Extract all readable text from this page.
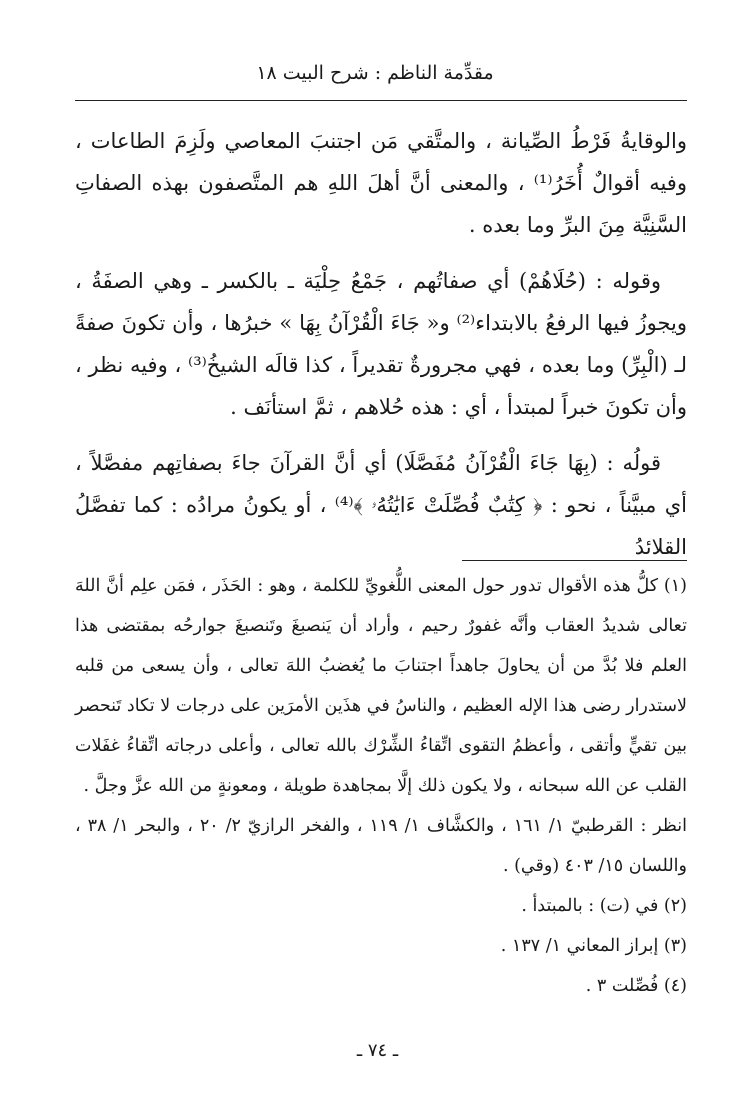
مقدِّمة الناظم : شرح البيت ١٨

والوقايةُ فَرْطُ الصِّيانة ، والمتَّقي مَن اجتنبَ المعاصي ولَزِمَ الطاعات ، وفيه أقوالٌ أُخَرُ⁽¹⁾ ، والمعنى أنَّ أهلَ اللهِ هم المتَّصفون بهذه الصفاتِ السَّنِيَّة مِنَ البرِّ وما بعده .

وقوله : (حُلَاهُمْ) أي صفاتُهم ، جَمْعُ حِلْيَة ـ بالكسر ـ وهي الصفَةُ ، ويجوزُ فيها الرفعُ بالابتداء⁽²⁾ و« جَاءَ الْقُرْآنُ بِهَا » خبرُها ، وأن تكونَ صفةً لـ (الْبِرِّ) وما بعده ، فهي مجرورةٌ تقديراً ، كذا قالَه الشيخُ⁽³⁾ ، وفيه نظر ، وأن تكونَ خبراً لمبتدأ ، أي : هذه حُلاهم ، ثمَّ استأنَف .

قولُه : (بِهَا جَاءَ الْقُرْآنُ مُفَصَّلَا) أي أنَّ القرآنَ جاءَ بصفاتِهم مفصَّلاً ، أي مبيَّناً ، نحو : ﴿ كِتَٰبٌ فُصِّلَتْ ءَايَٰتُهُۥ ﴾⁽⁴⁾ ، أو يكونُ مرادُه : كما تفصَّلُ القلائدُ

(١) كلُّ هذه الأقوال تدور حول المعنى اللُّغويِّ للكلمة ، وهو : الحَذَر ، فمَن علِم أنَّ اللهَ تعالى شديدُ العقاب وأنَّه غفورٌ رحيم ، وأراد أن يَنصبغَ وتَنصبغَ جوارحُه بمقتضى هذا العلم فلا بُدَّ من أن يحاولَ جاهداً اجتنابَ ما يُغضبُ اللهَ تعالى ، وأن يسعى من قلبه لاستدرار رضى هذا الإله العظيم ، والناسُ في هذَين الأمرَين على درجات لا تكاد تَنحصر بين تقيٍّ وأتقى ، وأعظمُ التقوى اتِّقاءُ الشِّرْك بالله تعالى ، وأعلى درجاته اتِّقاءُ غفَلات القلب عن الله سبحانه ، ولا يكون ذلك إلَّا بمجاهدة طويلة ، ومعونةٍ من الله عزَّ وجلَّ .

انظر : القرطبيّ ١/ ١٦١ ، والكشَّاف ١/ ١١٩ ، والفخر الرازيّ ٢/ ٢٠ ، والبحر ١/ ٣٨ ، واللسان ١٥/ ٤٠٣ (وقي) .

(٢) في (ت) : بالمبتدأ .

(٣) إبراز المعاني ١/ ١٣٧ .

(٤) فُصِّلت ٣ .

ـ ٧٤ ـ
